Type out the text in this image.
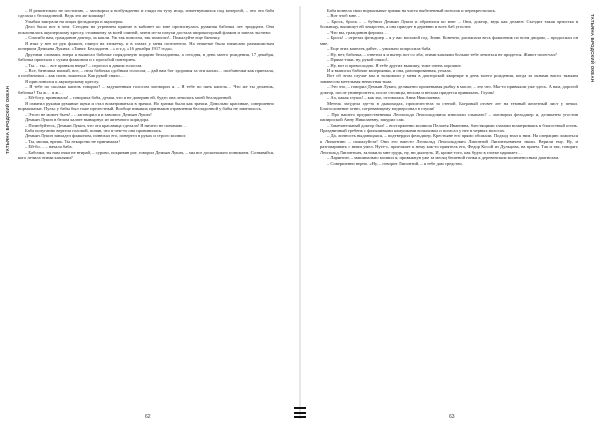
ТАТЬЯНА БРОДСКИЙ ОКЕАН

– Я решительно не постигаю, – заговорил я возбужденно и гляди на тучу искр, изметнувшихся под кочергой, – что эта баба сделала с белладонной. Ведь это же кошмар!

Улыбки заиграли на лицах фельдшера и акушерок.

Дело было вот в чем. Сегодня на утреннем приеме в кабинет ко мне протиснулась румяная бабочка лет тридцати. Она поклонилась акушерскому креслу, стоявшему за моей спиной, затем из-за пазухи достала широкогорлый флакон и запела льстиво:

– Спасибо вам, гражданин доктор, за капли. Уж так помогли, так помогли!.. Пожалуйте еще баночку.

Я взял у нее из рук флакон, глянул на этикетку, и в глазах у меня позеленело. На этикетке было написано размашистым почерком Демьяна Лукича. «Тинкт. Белладонн…» и т.д. «16 декабря 1917 года».

Другими словами, вчера я выписал бабочке порядочную порцию белладонны, а сегодня, в день моего рождения, 17 декабря, бабочка приехала с сухим флаконом и с просьбой повторить.

– Ты… ты… все приняла вчера? – спросил я диким голосом.

– Все, батюшка милый, все, – пела бабочка сдобным голосом, – дай вам бог здоровья за эти капли… полбаночки как приехала, а полбаночки – как спать ложиться. Как рукой сняло…

Я прислонился к акушерскому креслу.

– Я тебе по сколько капель говорил? – задушенным голосом заговорил я. – Я тебе по пять капель… Что же ты делаешь, бабочка? Ты ж… я ж…

– Ей-богу, принимала! – говорила баба, думая, что я не доверяю ей, будто она лечилась моей белладонной.

Я охватил руками румяные щеки и стал всматриваться в зрачки. Но зрачки были как зрачки. Довольно красивые, совершенно нормальные. Пульс у бабы был тоже прелестный. Вообще никаких признаков отравления белладонной у бабы не замечалось.

– Этого не может быть!.. – заговорил я и завопил: Демьян Лукич!

Демьян Лукич в белом халате вынырнул из аптечного коридора.

– Полюбуйтесь, Демьян Лукич, что эта красавица сделала! Я ничего не понимаю…

Баба испуганно вертела головой, поняв, что в чем-то она провинилась.

Демьян Лукич завладел флаконом, понюхал его, повертел в руках и строго молвил:

– Ты, милая, врешь. Ты лекарство не принимала!

– Ей-бо… – начала баба.

– Бабочка, ты нам очки не втирай, – сурово, искривив рот, говорил Демьян Лукич, – мы все досконально понимаем. Сознавайся, кого лечила этими каплями?

62
ТАТЬЯНА БРОДСКИЙ ОКЕАН

Баба возвела свои нормальные зрачки на чисто выбеленный потолок и перекрестилась.

– Вот чтоб мне…

– Брось, брось… – бубнил Демьян Лукич и обратился ко мне: – Они, доктор, ведь как делают. Съездит такая артистка в больницу, выпишут ей лекарство, а она приедет в деревню и всех баб угостит.

– Что вы, гражданин фершал…

– Брось! – отрезал фельдшер – я у вас восьмой год. Знаю. Конечно, распапала весь флакончик по всем дворам, – продолжал он мне.

– Еще этих капелек дайте, – умильно попросила баба.

– Ну, нет, бабочка, – ответил я и вытер пот со лба, этими каплями больше тебе лечиться не придется. Живот полегчал?

– Прямо-таки, ну, рукой сняло!..

– Ну, вот и превосходно. Я тебе других выпишу, тоже очень хорошие.

И я выписал бабочке валерьянки, и она, разочарованная, уехала.

Вот об этом случае мы и толковали у меня в докторской квартире в день моего рождения, когда за окнами висел тяжким занавесом метельная ненастная тьма.

– Это что, – говорил Демьян Лукич, деликатно прожевывая рыбку в масле, – это что. Мы-то привыкли уже здесь. А вам, дорогой доктор, после университета, после столицы, весьма и весьма придется привыкать. Глушь!

– Ах, какая глушь! – как эхо, отозвалась Анна Николаевна.

Метель загудела где-то в дымоходах, прошелестела за стеной. Багровый отсвет лег на темный железный лист у печки. Благословение огню, согревающему медперсонал в глуши!

– Про вашего предшественника Леопольда Леопольдовича изволили слышать? – заговорил фельдшер и, деликатно угостив папироской Анну Николаевну, закурил сам.

– Замечательный доктор был! – восторженно молвила Пелагея Ивановна, блестящими глазами всматриваясь в благостный огонь. Праздничный гребень с фальшивыми камушками вспыхивал и погасал у нее в черных волосах.

– Да, личность выдающаяся, – подтвердил фельдшер. Крестьяне его прямо обожали. Подход знал к ним. На операцию ложиться к Липонтию – пожалуйста! Они его вместо Леопольд Леопольдович Липонтий Липонтьевичем звали. Верили ему. Ну, и разговаривать с ними умел. Нуте-с, приезжает к нему как-то приятель его, Федор Косой из Дульцова, на прием. Так и так, говорит, Леопольд Липонтьич, заложило мне грудь, ну, ни дыхнуть. И, кроме того, как будто в глотке царапает…

– Ларингит, – машинально молвил я, привыкнув уже за месяц бешеной гонки к деревенским молниеносным диагнозам.

– Совершенно верно. «Ну, – говорит Липонтий, – я тебе дам средство.

63
